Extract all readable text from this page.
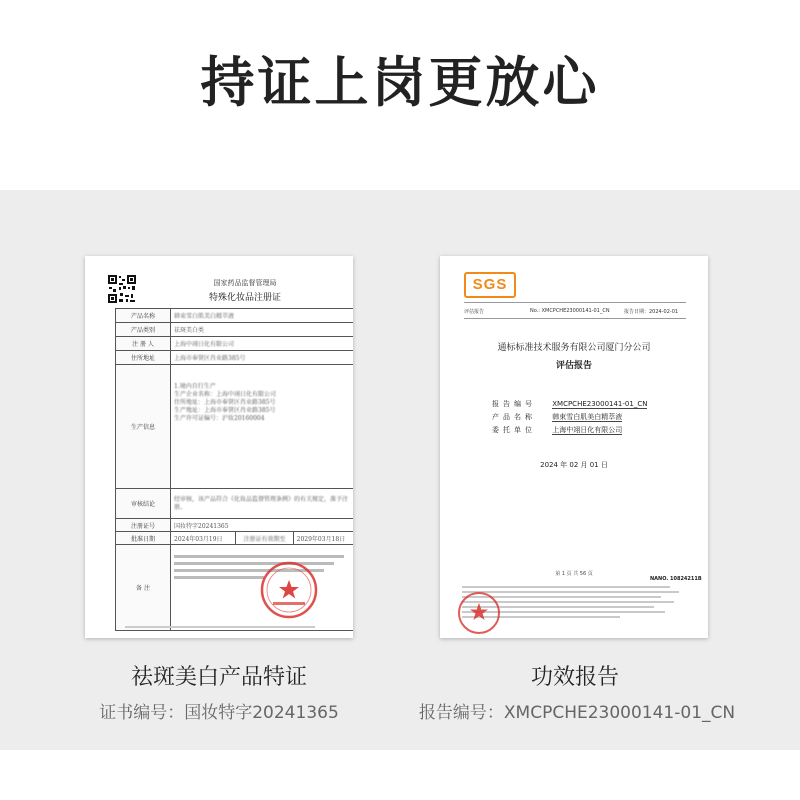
持证上岗更放心
国家药品监督管理局
特殊化妆品注册证
产品名称	韩束雪白肌美白精萃液		
产品类别	祛斑美白类		
注 册 人	上海中翊日化有限公司		
住所地址	上海市奉贤区肖业路385号		
生产信息	1.境内自行生产
生产企业名称：上海中翊日化有限公司
住所地址：上海市奉贤区肖业路385号
生产地址：上海市奉贤区肖业路385号
生产许可证编号：沪妆20160004		

审核结论	经审核，该产品符合《化妆品监督管理条例》的有关规定，准予注册。		
注册证号	国妆特字20241365		
批准日期	2024年03月19日	注册证有效期至	2029年03月18日
备 注	
SGS
评估报告	No.: XMCPCHE23000141-01_CN	报告日期：2024-02-01
通标标准技术服务有限公司厦门分公司
评估报告
报告编号 XMCPCHE23000141-01_CN
产品名称 韩束雪白肌美白精萃液
委托单位 上海中翊日化有限公司
2024 年 02 月 01 日
第 1 页 共 56 页
NANO. 10824211B
祛斑美白产品特证
证书编号：国妆特字20241365
功效报告
报告编号：XMCPCHE23000141-01_CN
